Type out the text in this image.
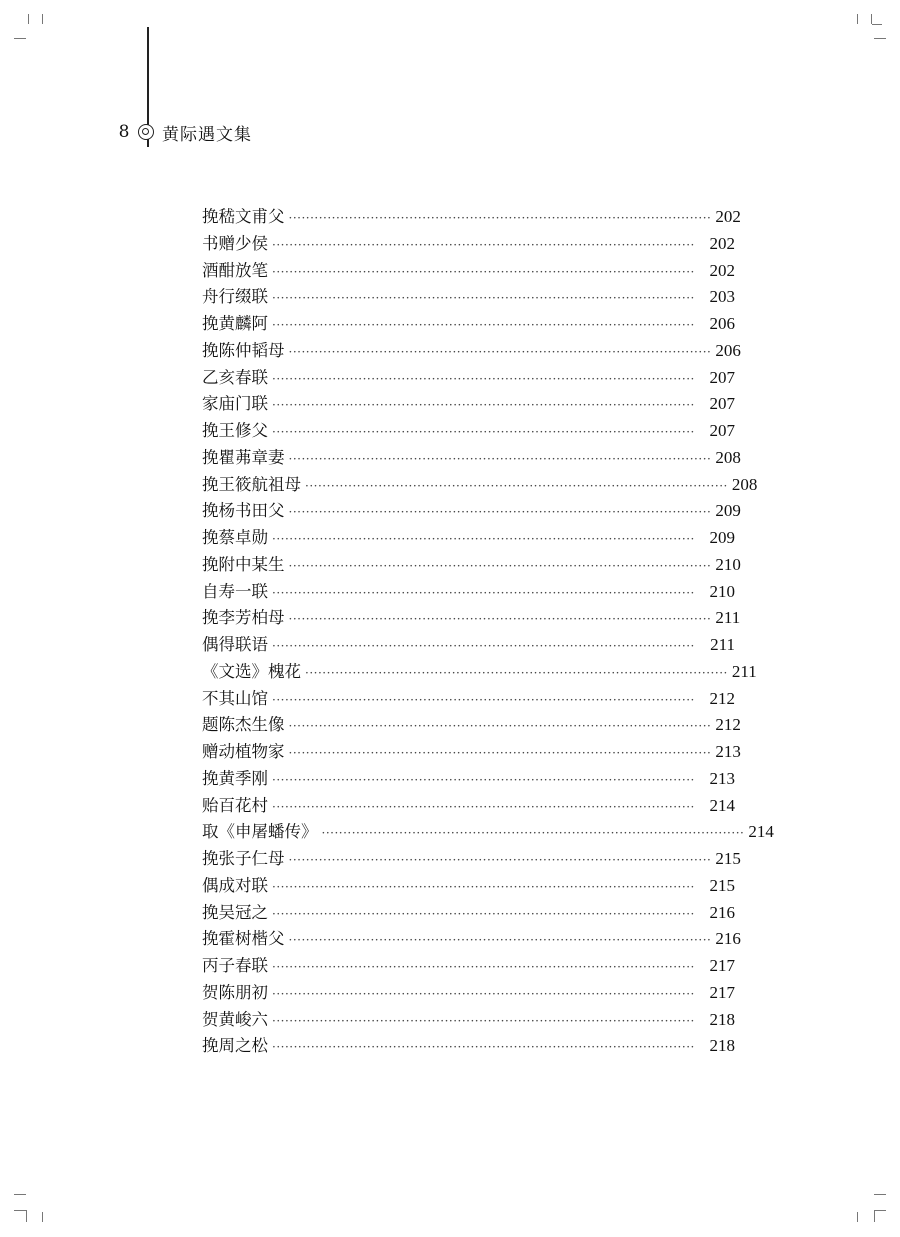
8	黄际遇文集
挽嵇文甫父 ·································································································· 202
书赠少侯 ·································································································· 202
酒酣放笔 ·································································································· 202
舟行缀联 ·································································································· 203
挽黄麟阿 ·································································································· 206
挽陈仲韬母 ·································································································· 206
乙亥春联 ·································································································· 207
家庙门联 ·································································································· 207
挽王修父 ·································································································· 207
挽瞿茀章妻 ·································································································· 208
挽王筱航祖母 ·································································································· 208
挽杨书田父 ·································································································· 209
挽蔡卓勋 ·································································································· 209
挽附中某生 ·································································································· 210
自寿一联 ·································································································· 210
挽李芳柏母 ·································································································· 211
偶得联语 ·································································································· 211
《文选》槐花 ·································································································· 211
不其山馆 ·································································································· 212
题陈杰生像 ·································································································· 212
赠动植物家 ·································································································· 213
挽黄季刚 ·································································································· 213
贻百花村 ·································································································· 214
取《申屠蟠传》 ·································································································· 214
挽张子仁母 ·································································································· 215
偶成对联 ·································································································· 215
挽吴冠之 ·································································································· 216
挽霍树楷父 ·································································································· 216
丙子春联 ·································································································· 217
贺陈朋初 ·································································································· 217
贺黄峻六 ·································································································· 218
挽周之松 ·································································································· 218
